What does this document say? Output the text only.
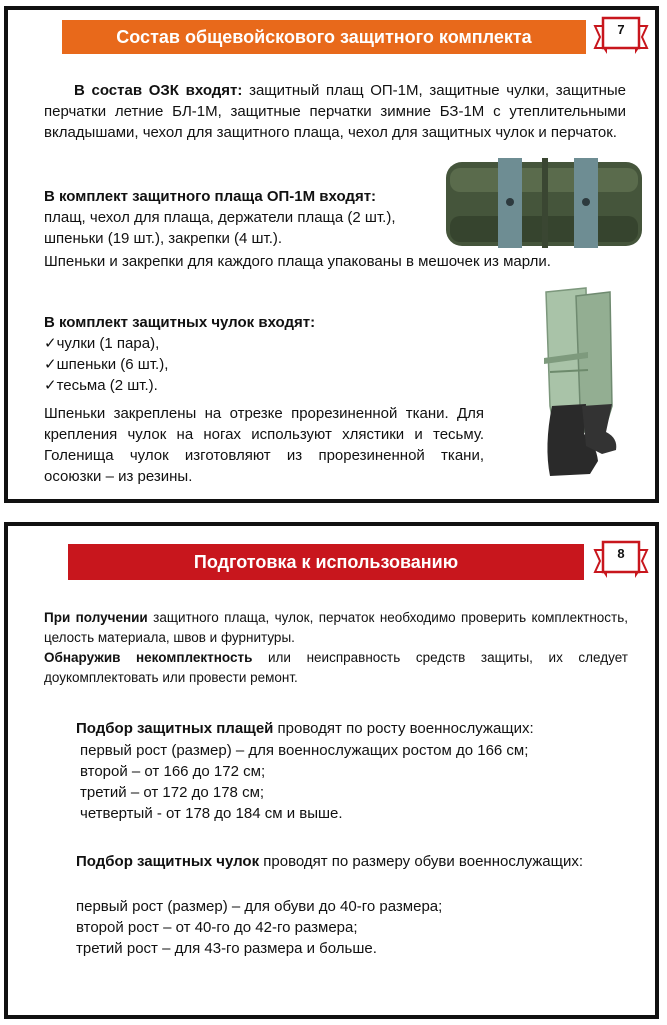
Состав общевойскового защитного комплекта	7
В состав ОЗК входят: защитный плащ ОП-1М, защитные чулки, защитные перчатки летние БЛ-1М, защитные перчатки зимние БЗ-1М с утеплительными вкладышами, чехол для защитного плаща, чехол для защитных чулок и перчаток.
В комплект защитного плаща ОП-1М входят:
плащ, чехол для плаща, держатели плаща (2 шт.),
шпеньки (19 шт.), закрепки (4 шт.).
Шпеньки и закрепки для каждого плаща упакованы в мешочек из марли.
В комплект защитных чулок входят:
✓чулки (1 пара),
✓шпеньки (6 шт.),
✓тесьма (2 шт.).
Шпеньки закреплены на отрезке прорезиненной ткани. Для крепления чулок на ногах используют хлястики и тесьму. Голенища чулок изготовляют из прорезиненной ткани, осоюзки – из резины.
Подготовка к использованию	8
При получении защитного плаща, чулок, перчаток необходимо проверить комплектность, целость материала, швов и фурнитуры.
Обнаружив некомплектность или неисправность средств защиты, их следует доукомплектовать или провести ремонт.
Подбор защитных плащей проводят по росту военнослужащих:
первый рост (размер) – для военнослужащих ростом до 166 см;
второй – от 166 до 172 см;
третий – от 172 до 178 см;
четвертый - от 178 до 184 см и выше.
Подбор защитных чулок проводят по размеру обуви военнослужащих:
первый рост (размер) – для обуви до 40-го размера;
второй рост – от 40-го до 42-го размера;
третий рост – для 43-го размера и больше.
